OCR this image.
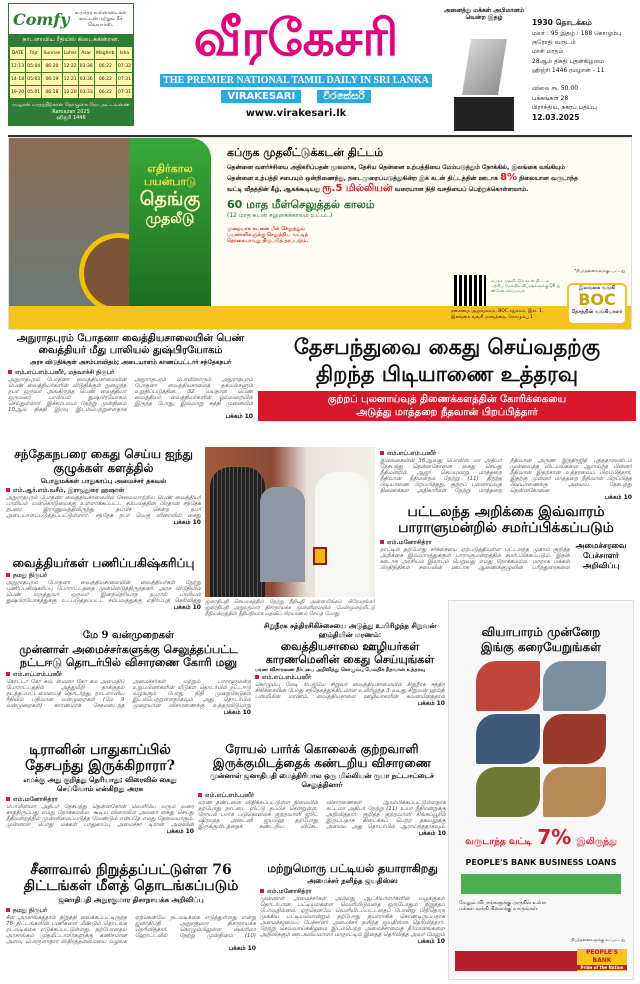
Comfy	உயர்தர உள்ளாடைகள் காட்டன் மற்றும் நீச் வெயார்ஸ்.
நாடளாவிய ரீதியில் கிடைக்கின்றன.
DATE	Fajr	Sunrise	Luhar	Asar	Maghrib	Isha
12-13	05:04	06:20	12:22	03:38	06:22	07:32
14-18	05:03	06:19	12:21	03:36	06:22	07:31
19-20	05:01	06:18	12:20	03:33	06:22	07:31
ரமழான் மாதத்திற்கான தொழுகை நேர அட்டவணை
Ramazan 2025
ஹிஜ்ரி 1446
வீரகேசரி
THE PREMIER NATIONAL TAMIL DAILY IN SRI LANKA
VIRAKESARI	වීරකේසරී
www.virakesari.lk
அனைத்து மக்கள் அபிமானம் வென்ற இதழ்
1930 தொடக்கம்
மலர் : 95 இதழ் : 188 கொழும்பு
குரோதி வருடம்
மாசி மாதம்
28ஆம் திகதி புதன்கிழமை
ஹிஜ்ரி 1446 ரமழான் - 11

விலை ரூ. 50.00
பக்கங்கள் 28
பிராந்திய, நகரப் பதிப்பு
12.03.2025
எதிர்கால
பயன்பாடு
தெங்கு
முதலீடு
கப்ருக முதலீட்டுக்கடன் திட்டம்

தென்னை வளர்ச்சியை அதிகரிப்பதன் மூலமாக, தேசிய தென்னை உற்பத்தியை மேம்படுத்தும் நோக்கில், இலங்கை வங்கியும் தென்னை உற்பத்தி சபையும் ஒன்றிணைந்து, நடைமுறைப்படுத்துகின்ற இக் கடன் திட்டத்தின் ஊடாக 8% நிலையான வருடாந்த வட்டி வீதத்தின் கீழ், ஆகக்கூடியது ரூ.5 மில்லியன் வரையான நிதி வசதியைப் பெற்றுக்கொள்ளலாம்.

60 மாத மீள்செலுத்தல் காலம்
(12 மாத கடன் சலுகைக்காலம் உட்பட)
முறையாக கடனை மீள் செலுத்தும் பயனாளிகளுக்கு செலுத்திய வட்டித் தொகையாவது திருப்பித் தரப்படும்.
கப்ருக முதலீட்டுக் கடன் திட்டம் பற்றிய மேலதிக விபரங்களுக்கு QR ஐ ஸ்கேன் செய்யவும்
*நிபந்தனைகளுக்குட்பட்டது
தலைமை அலுவலகம், BOC சதுக்கம், இல. 1, இலங்கை வங்கி மாவத்தை, கொழும்பு 1
இலங்கை வங்கி
BOC
தேசத்தின் வங்கியாளர்
அநுராதபுரம் போதனா வைத்தியசாலையின் பெண் வைத்தியர் மீது பாலியல் துஷ்பிரயோகம்
அரச விடுதிக்குள் அசம்பாவிதம்; அடையாளம் காணப்பட்டார் சந்தேகநபர்
எம்.எப்.எம்.பஸீர், மதவாச்சி நிருபர்
அநுராதபுரம் போதனா வைத்தியசாலையின் பெண் வைத்தியர்களின் விடுதிக்குள் நுழைந்த நபர் ஒருவர் அங்கிருந்த பெண் வைத்தியர் ஒருவரை பாலியல் துஷ்பிரயோகம் செய்துள்ளார். இச்சம்பவம் நேற்று முன்தினம் 10ஆம் திகதி இரவு இடம்பெற்றுள்ளதாக அநுராதபுரம் பொலிஸாரும் அநுராதபுரம் போதனா வைத்தியசாலைத் தகவல்களும் உறுதிப்படுத்தின. 32 வயதான பெண் வைத்தியர், வைத்தியர்களின் ஓய்வறையில் இருந்த போது, இவ்வாறு கத்தி முனையில்
பக்கம் 10
தேசபந்துவை கைது செய்வதற்கு
திறந்த பிடியாணை உத்தரவு
குற்றப் புலனாய்வுத் திணைக்களத்தின் கோரிக்கையை
அடுத்து மாத்தறை நீதவான் பிறப்பித்தார்
எம்.எப்.எம்.பஸீர்
இலங்கையின் 36ஆவது பொலிஸ் மா அதிபர் தேசபந்து தென்னகோனை கைது செய்து நீதிமன்றில் ஆஜர் செய்யுமாறு மாத்தறை நீதிவான் நீதிமன்றம் நேற்று (11) திறந்த பிடியாணை பிறப்பித்தது. குற்றப் புலனாய்வுத் திணைக்கள அதிகாரிகள் நேற்று மாத்தறை நீதிவான் அருண இந்திரஜித் புத்ததாஸவிடம் முன்வைத்த விடயங்களை ஆராய்ந்த பின்னர் நீதிவான் இதற்கான உத்தரவைப் பிறப்பித்தார். இதற்கு முன்னர் மாத்தறை நீதிவான் பிறப்பித்த பிடியாணைக்கு அமைய தேசபந்து தென்னகோனை
பக்கம் 10
சந்தேகநபரை கைது செய்ய ஐந்து குழுக்கள் களத்தில்
பொதுமக்கள் பாதுகாப்பு அமைச்சர் தகவல்
எம்.ஆர்.எம்.வசீம், இராஜதுரை ஹஷான்
அநுராதபுரம் போதனா வைத்தியசாலையில் சேவையாற்றிய பெண் வைத்தியர் பாலியல் வன்கொடுமைக்கு உள்ளாக்கப்பட்ட சம்பவத்தின் பிரதான சந்தேக நபரை இராணுவத்திலிருந்து தப்பிச் சென்ற நபர் அடையாளப்படுத்தப்பட்டுள்ளார். சந்தேக நபர் வெகு விரைவில் கைது
பக்கம் 10
வைத்தியர்கள் பணிப்பகிஷ்கரிப்பு
நமது நிருபர்
அநுராதபுரம் போதனா வைத்தியசாலையின் வைத்தியர்கள் நேற்று பணிப்பகிஷ்கரிப்பு போராட்டத்தை முன்னெடுத்திருந்தனர். அரச விடுதியில் பெண் மருத்துவர் ஒருவர் இனந்தெரியாத நபரால் பாலியல் துஷ்பிரயோகத்துக்கு உட்படுத்தப்பட்ட சம்பவத்துக்கு எதிர்ப்புத் தெரிவித்து
பக்கம் 10
ஜனாதிபதி செயலகத்தில் நேற்று நீதிபதி அன்னலிங்கம் பிரேமசங்கர் ஜனாதிபதி அநுரகுமார திசாநாயக்க முன்னிலையில் மேன்முறையீட்டு நீதிமன்றத்தின் நீதிபதியாக பதவிப் பிரமாணம் செய்த போது.
பட்டலந்த அறிக்கை இவ்வாரம் பாராளுமன்றில் சமர்ப்பிக்கப்படும்
எம்.மனோசித்ரா
நாட்டில் தற்போது சர்ச்சையை ஏற்படுத்தியுள்ள பட்டலந்த முகாம் குறித்த அறிக்கை இவ்வாரத்துக்குள் பாராளுமன்றத்தில் சமர்ப்பிக்கப்படும். இதன் ஊடாக அரசியல் இலாபம் பெறுவது எமது நோக்கமல்ல. மாறாக மக்கள் பிரதிநிதிகள் சபையின் ஊடாக ஆணைக்குழுவின் பரிந்துரைகளை
அமைச்சரவை பேச்சாளர் அறிவிப்பு
மே 9 வன்முறைகள்
முன்னாள் அமைச்சர்களுக்கு செலுத்தப்பட்ட நட்டஈடு தொடர்பில் விசாரணை கோரி மனு
எம்.எப்.எம்.பஸீர்
கோட்டா கோ கம, மைனா கோ கம அமைதிப் போராட்டத்தில் அத்துமீறி தாக்குதல் நடத்தப்பட்டமையைத் தொடர்ந்து, நாடளாவிய ரீதியில் பதிவான வன்முறைகள் (மே 9 வன்முறைகள்) காரணமாக சேதமடைந்த அமைச்சர்கள் மற்றும் பாராளுமன்ற உறுப்பினர்களின் வீடுகள் தொடர்பில் நட்டஈடு வழங்கும் போது நிதி முறைகேடுகள் இடம்பெற்றுள்ளதாகவும் அது தொடர்பில் முறையான விசாரணைக்கு உத்தரவிடுமாறு
பக்கம் 10
சிறுநீரக சத்திரசிகிச்சையை அடுத்து உயிரிழந்த சிறுவன் ஹம்தியின் மரணம்:
வைத்தியசாலை ஊழியர்கள் காரணமெனின் கைது செய்யுங்கள்
மரண விசாரணை தீர்ப்பை அறிவித்து கொழும்பு மேலதிக நீதவான் உத்தரவு
எம்.எப்.எம்.பஸீர்
கொழும்பு லேடி ரிட்ஜ்வே சிறுவர் வைத்தியசாலையில் சிறுநீரக சத்திர சிகிச்சையின் போது சந்தேகத்துக்கிடமான உயிரிழந்த 3 வயது சிறுவன் ஹம்தி பஸ்லீமின் மரணம், வைத்தியசாலை ஊழியர்களின் கவனயீனத்தால்
பக்கம் 10
டிரானின் பாதுகாப்பில் தேசபந்து இருக்கிறாரா?
எமக்கு அது குறித்து தெரியாது; விரைவில் கைது செய்வோம் என்கிறது அரசு
எம்.மனோசித்ரா
பொலிஸ்மா அதிபர் தேசபந்து தென்னகோன் வெளியே வரும் வரை காத்திருப்பது எமது நோக்கமல்ல. கூடிய விரைவில் அவரை கைது செய்து நீதிமன்றத்தில் முன்னிலைப்படுத்த வேண்டும் என்பதே எமது தேவையாகும். முன்னாள் பொது மக்கள் பாதுகாப்பு அமைச்சர் டிரான் அலஸின்
பக்கம் 10
ரோயல் பார்க் கொலைக் குற்றவாளி இருக்குமிடத்தைக் கண்டறிய விசாரணை
முன்னாள் ஜனாதிபதி மைத்திரிபால ஒரு மில்லியன் ரூபா நட்டஈட்டைச் செலுத்தினார்
எம்.எப்.எம்.பஸீர்
மரண தண்டனை விதிக்கப்பட்டுள்ள நிலையில் தற்போது நாட்டை விட்டு தப்பிச் சென்றுள்ள, ரோயல் பார்க் படுகொலைக் குற்றவாளி ஜூட் ஷிரமந்த அன்டனி ஜயமஹ தற்போது இருக்குமிடத்தைக் கண்டறிய விசேட விசாரணைகள் ஆரம்பிக்கப்பட்டுள்ளதாக சட்டமா அதிபர் நேற்று (11) உயர் நீதிமன்றுக்கு அறிவித்தார். குறித்த குற்றவாளி சிங்கப்பூரில் இருப்பதாக கிடைக்கப் பெற்ற தகவலுக்கு அமைய அது தொடர்பில் ஆராய்ந்ததாகவும்,
பக்கம் 10
சீனாவால் நிறுத்தப்பட்டுள்ள 76 திட்டங்கள் மீளத் தொடங்கப்படும்
ஜனாதிபதி அநுரகுமார திசாநாயக்க அறிவிப்பு
நமது நிருபர்
சீன அரசாங்கத்தால் நிறுத்தி வைக்கப்பட்டிருந்த 76 திட்டங்களின் பணிகளை மீண்டும் தொடங்க நடவடிக்கை எடுக்கப்பட்டுள்ளது. தற்போதைய அரசாங்கம் முதலீட்டாளர்களுக்கு கணிசமான அளவு பொருளாதார ஸ்திரத்தன்மையை வழங்க ஏற்கெனவே நடவடிக்கை எடுத்துள்ளது என்று ஜனாதிபதி அநுரகுமார திசாநாயக்க தெரிவித்தார். கொழும்பிலுள்ள ஷங்ரிலா ஹோட்டலில் நேற்று முன்தினம் (10)
பக்கம் 10
மற்றுமொரு பட்டியல் தயாராகிறது
அமைச்சர் நளிந்த ஜயதிஸ்ஸ
எம்.மனோசித்ரா
முன்னாள் அமைச்சர்கள் அல்லது ஆட்சியாளர்களின் வழக்குகள் தொடர்பான பட்டியல்களை வெளியிடுவதை ஒருபோதும் நிறுத்தப் போவதில்லை. ஏற்கெனவே வெளியிடப்பட்டதைப் போன்று பிறிதொரு முக்கிய பட்டியலொன்றும் தற்போது தயாராகிக் கொண்டிருப்பதாக அமைச்சரவைப் பேச்சாளர் அமைச்சர் நளிந்த ஜயதிஸ்ஸ தெரிவித்தார். நேற்று செவ்வாய்க்கிழமை இடம்பெற்ற அமைச்சரவைத் தீர்மானங்களை அறிவிக்கும் ஊடகவியலாளர் மாநாட்டில் இதைத் தெரிவித்த அவர் மேலும்
பக்கம் 10
வியாபாரம் முன்னேற
இங்கு கரையேறுங்கள்
வருடாந்த வட்டி 7% இலிருந்து
PEOPLE'S BANK BUSINESS LOANS
மேலும் விபரங்களுக்கு அருகில் உள்ள மக்கள் வங்கி கிளைக்கு வாருங்கள்.
நிபந்தனைகளுக்கு உட்பட்டது
PEOPLE'S BANK
Pride of the Nation
